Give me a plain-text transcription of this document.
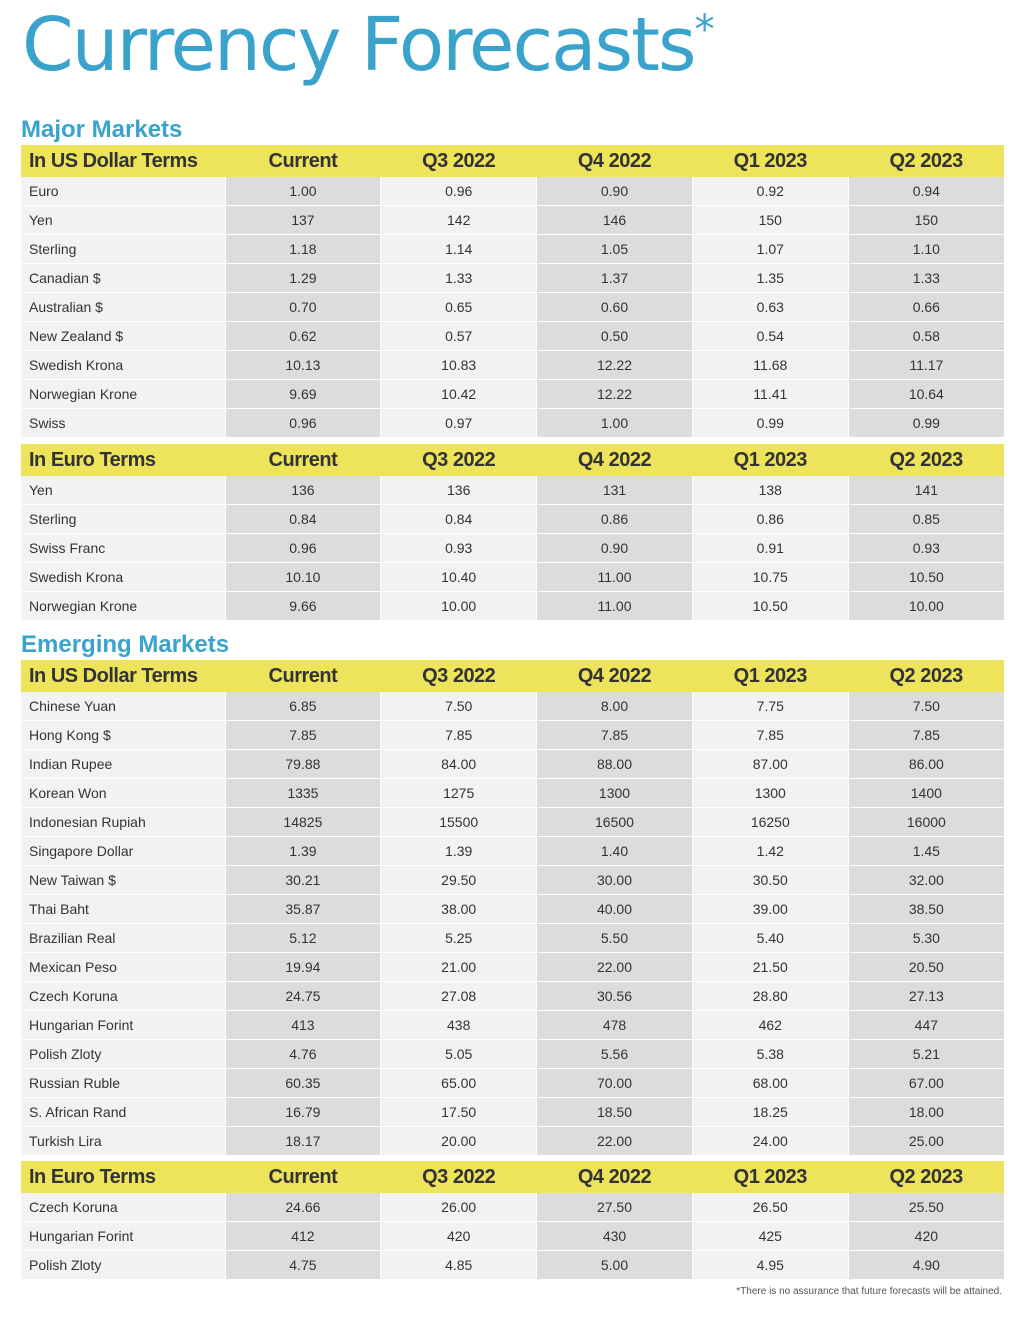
Currency Forecasts*
Major Markets
In US Dollar Terms	Current	Q3 2022	Q4 2022	Q1 2023	Q2 2023
Euro	1.00	0.96	0.90	0.92	0.94
Yen	137	142	146	150	150
Sterling	1.18	1.14	1.05	1.07	1.10
Canadian $	1.29	1.33	1.37	1.35	1.33
Australian $	0.70	0.65	0.60	0.63	0.66
New Zealand $	0.62	0.57	0.50	0.54	0.58
Swedish Krona	10.13	10.83	12.22	11.68	11.17
Norwegian Krone	9.69	10.42	12.22	11.41	10.64
Swiss	0.96	0.97	1.00	0.99	0.99
In Euro Terms	Current	Q3 2022	Q4 2022	Q1 2023	Q2 2023
Yen	136	136	131	138	141
Sterling	0.84	0.84	0.86	0.86	0.85
Swiss Franc	0.96	0.93	0.90	0.91	0.93
Swedish Krona	10.10	10.40	11.00	10.75	10.50
Norwegian Krone	9.66	10.00	11.00	10.50	10.00
Emerging Markets
In US Dollar Terms	Current	Q3 2022	Q4 2022	Q1 2023	Q2 2023
Chinese Yuan	6.85	7.50	8.00	7.75	7.50
Hong Kong $	7.85	7.85	7.85	7.85	7.85
Indian Rupee	79.88	84.00	88.00	87.00	86.00
Korean Won	1335	1275	1300	1300	1400
Indonesian Rupiah	14825	15500	16500	16250	16000
Singapore Dollar	1.39	1.39	1.40	1.42	1.45
New Taiwan $	30.21	29.50	30.00	30.50	32.00
Thai Baht	35.87	38.00	40.00	39.00	38.50
Brazilian Real	5.12	5.25	5.50	5.40	5.30
Mexican Peso	19.94	21.00	22.00	21.50	20.50
Czech Koruna	24.75	27.08	30.56	28.80	27.13
Hungarian Forint	413	438	478	462	447
Polish Zloty	4.76	5.05	5.56	5.38	5.21
Russian Ruble	60.35	65.00	70.00	68.00	67.00
S. African Rand	16.79	17.50	18.50	18.25	18.00
Turkish Lira	18.17	20.00	22.00	24.00	25.00
In Euro Terms	Current	Q3 2022	Q4 2022	Q1 2023	Q2 2023
Czech Koruna	24.66	26.00	27.50	26.50	25.50
Hungarian Forint	412	420	430	425	420
Polish Zloty	4.75	4.85	5.00	4.95	4.90
*There is no assurance that future forecasts will be attained.
